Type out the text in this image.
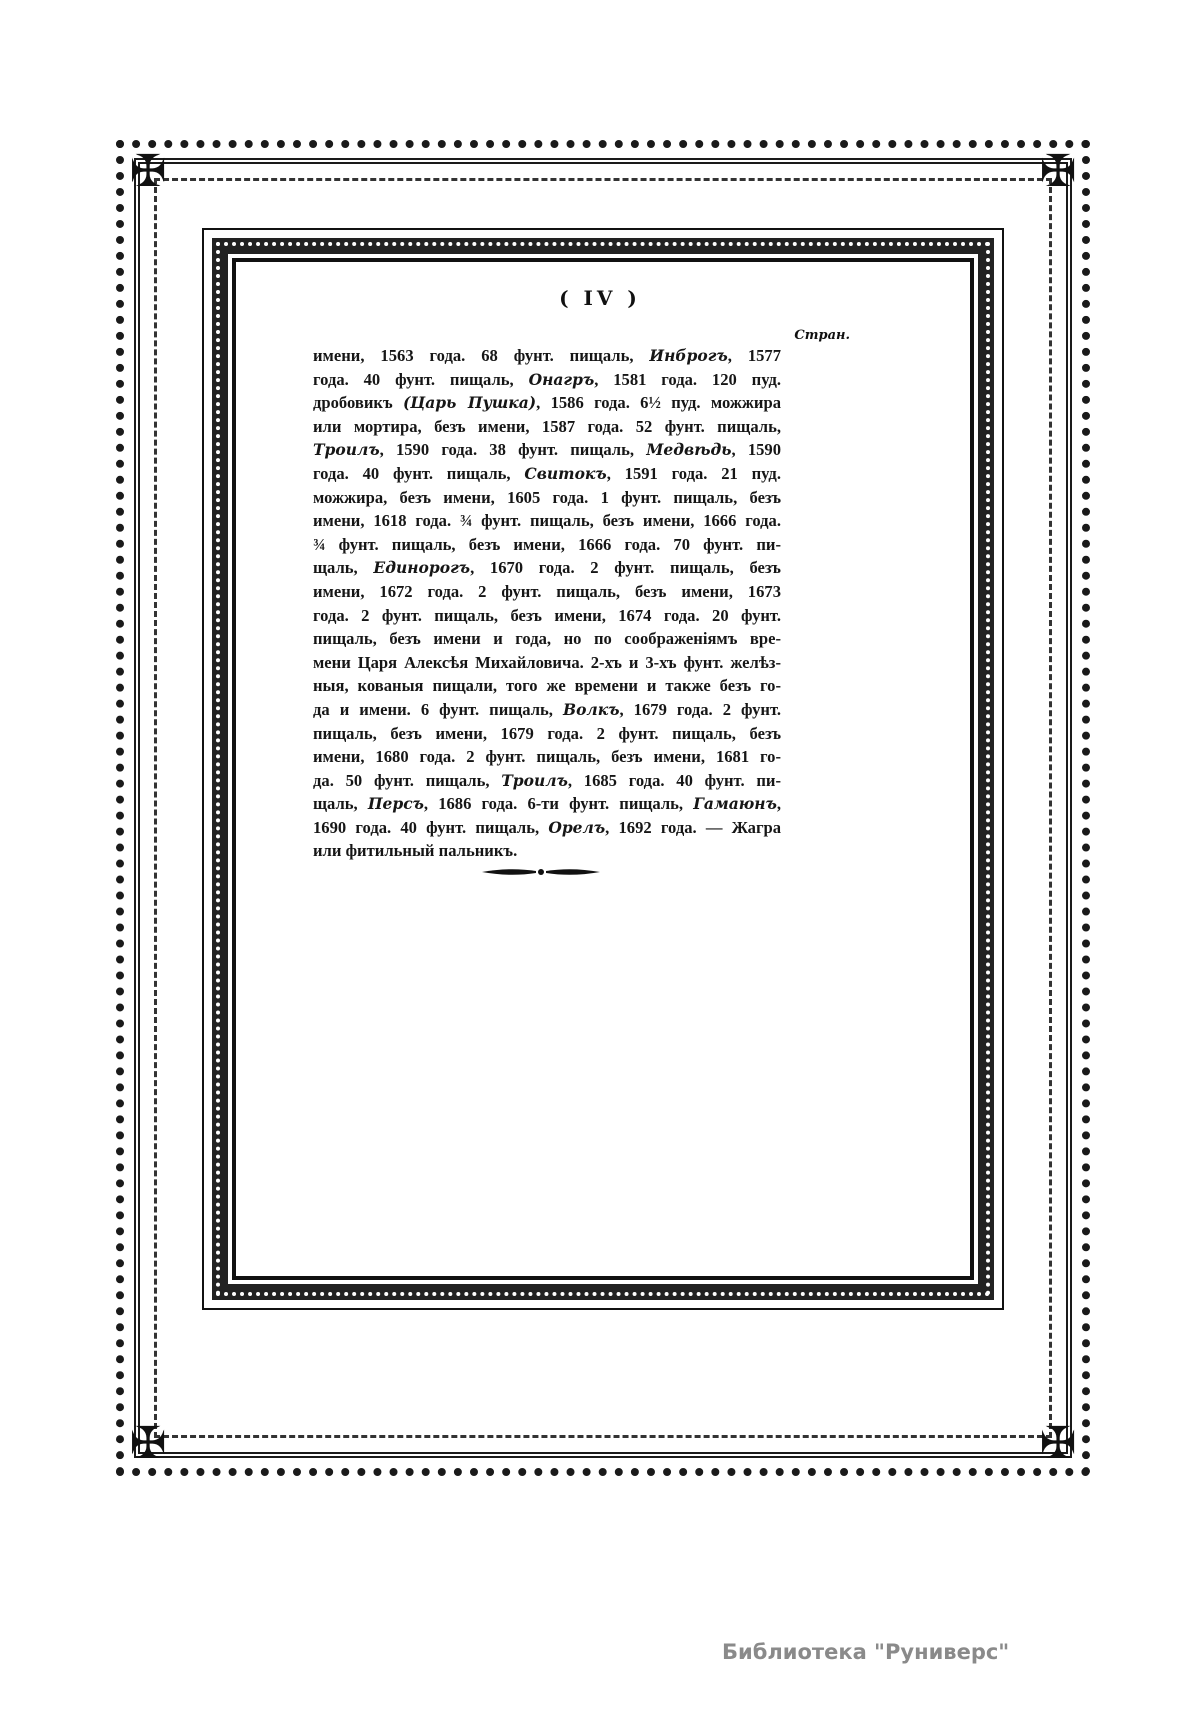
✠	✠
✠	✠
( IV )
Стран.
имени, 1563 года. 68 фунт. пищаль, Инброгъ, 1577
года. 40 фунт. пищаль, Онагръ, 1581 года. 120 пуд.
дробовикъ (Царь Пушка), 1586 года. 6½ пуд. можжира
или мортира, безъ имени, 1587 года. 52 фунт. пищаль,
Троилъ, 1590 года. 38 фунт. пищаль, Медвѣдь, 1590
года. 40 фунт. пищаль, Свитокъ, 1591 года. 21 пуд.
можжира, безъ имени, 1605 года. 1 фунт. пищаль, безъ
имени, 1618 года. ¾ фунт. пищаль, безъ имени, 1666 года.
¾ фунт. пищаль, безъ имени, 1666 года. 70 фунт. пи-
щаль, Единорогъ, 1670 года. 2 фунт. пищаль, безъ
имени, 1672 года. 2 фунт. пищаль, безъ имени, 1673
года. 2 фунт. пищаль, безъ имени, 1674 года. 20 фунт.
пищаль, безъ имени и года, но по соображеніямъ вре-
мени Царя Алексѣя Михайловича. 2-хъ и 3-хъ фунт. желѣз-
ныя, кованыя пищали, того же времени и также безъ го-
да и имени. 6 фунт. пищаль, Волкъ, 1679 года. 2 фунт.
пищаль, безъ имени, 1679 года. 2 фунт. пищаль, безъ
имени, 1680 года. 2 фунт. пищаль, безъ имени, 1681 го-
да. 50 фунт. пищаль, Троилъ, 1685 года. 40 фунт. пи-
щаль, Персъ, 1686 года. 6-ти фунт. пищаль, Гамаюнъ,
1690 года. 40 фунт. пищаль, Орелъ, 1692 года. — Жагра
или фитильный пальникъ.
Библиотека "Руниверс"
